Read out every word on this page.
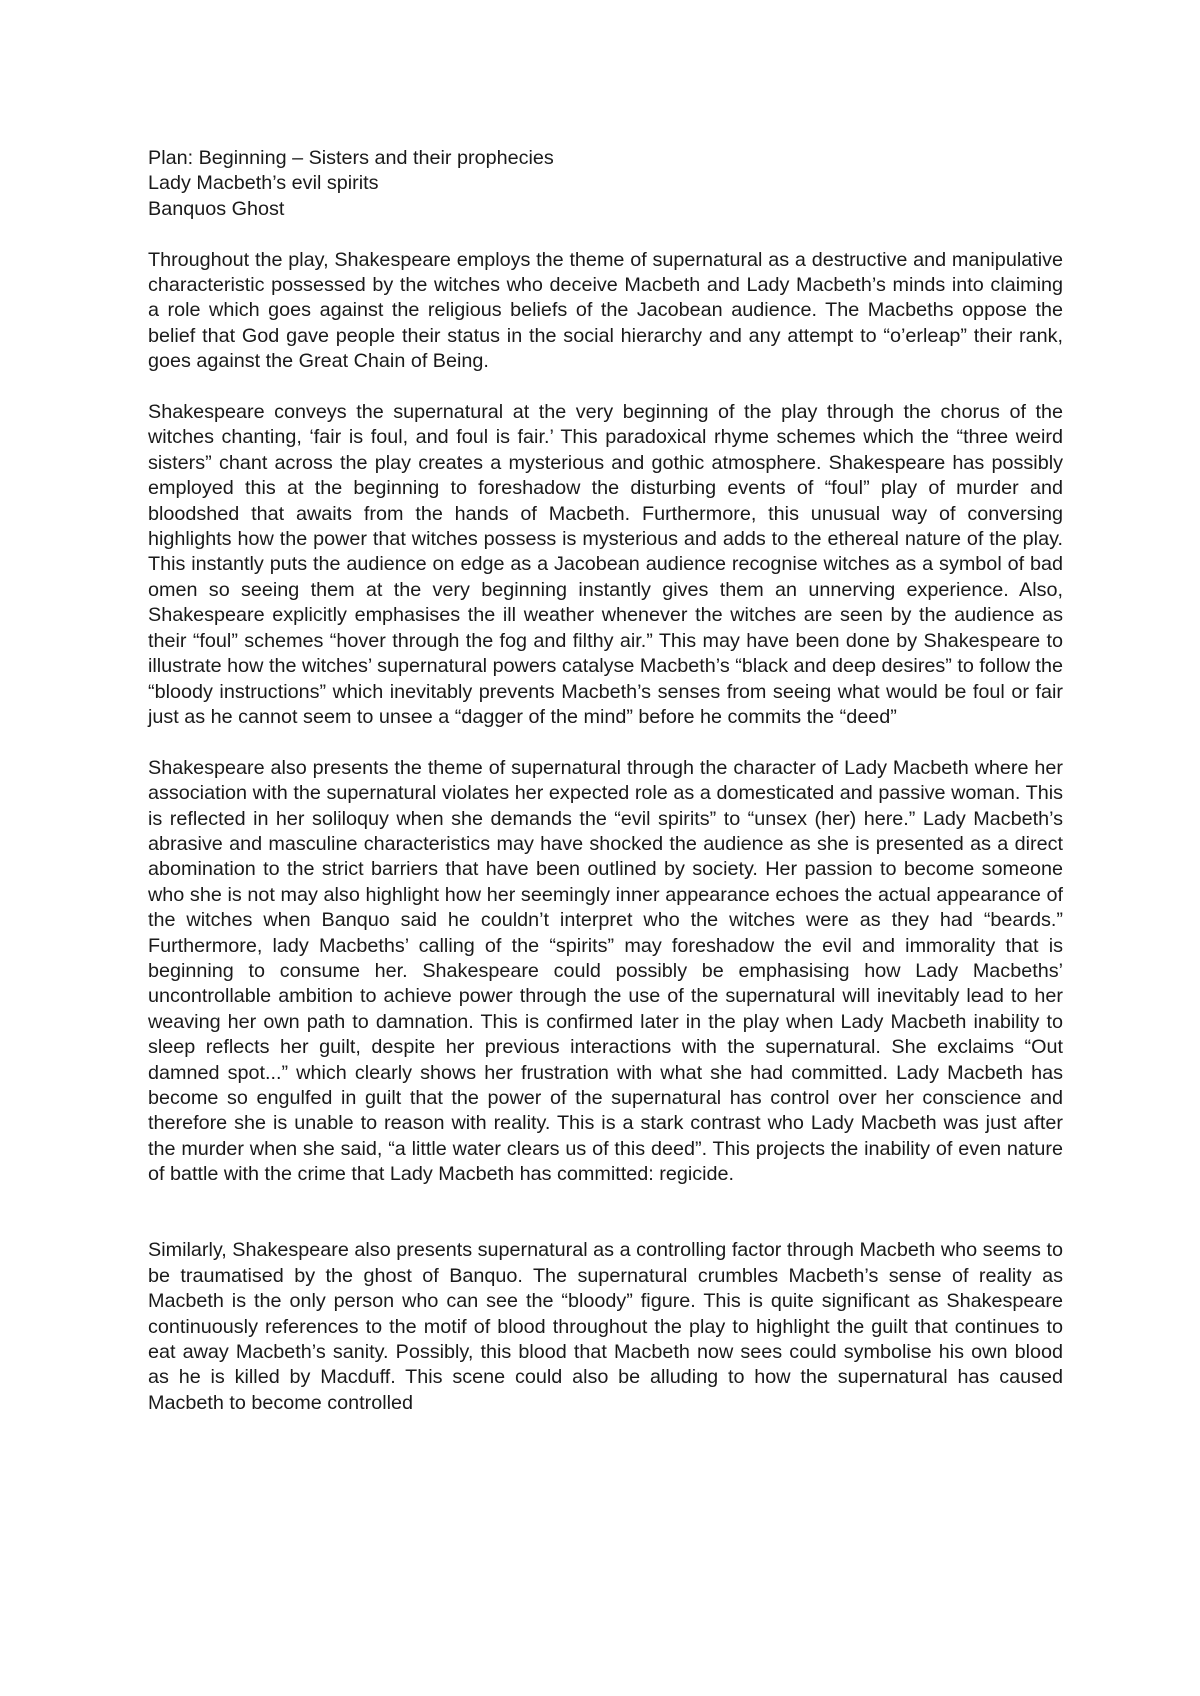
Plan: Beginning – Sisters and their prophecies

Lady Macbeth’s evil spirits

Banquos Ghost

Throughout the play, Shakespeare employs the theme of supernatural as a destructive and manipulative characteristic possessed by the witches who deceive Macbeth and Lady Macbeth’s minds into claiming a role which goes against the religious beliefs of the Jacobean audience. The Macbeths oppose the belief that God gave people their status in the social hierarchy and any attempt to “o’erleap” their rank, goes against the Great Chain of Being.

Shakespeare conveys the supernatural at the very beginning of the play through the chorus of the witches chanting, ‘fair is foul, and foul is fair.’ This paradoxical rhyme schemes which the “three weird sisters” chant across the play creates a mysterious and gothic atmosphere. Shakespeare has possibly employed this at the beginning to foreshadow the disturbing events of “foul” play of murder and bloodshed that awaits from the hands of Macbeth. Furthermore, this unusual way of conversing highlights how the power that witches possess is mysterious and adds to the ethereal nature of the play. This instantly puts the audience on edge as a Jacobean audience recognise witches as a symbol of bad omen so seeing them at the very beginning instantly gives them an unnerving experience. Also, Shakespeare explicitly emphasises the ill weather whenever the witches are seen by the audience as their “foul” schemes “hover through the fog and filthy air.” This may have been done by Shakespeare to illustrate how the witches’ supernatural powers catalyse Macbeth’s “black and deep desires” to follow the “bloody instructions” which inevitably prevents Macbeth’s senses from seeing what would be foul or fair just as he cannot seem to unsee a “dagger of the mind” before he commits the “deed”

Shakespeare also presents the theme of supernatural through the character of Lady Macbeth where her association with the supernatural violates her expected role as a domesticated and passive woman. This is reflected in her soliloquy when she demands the “evil spirits” to “unsex (her) here.” Lady Macbeth’s abrasive and masculine characteristics may have shocked the audience as she is presented as a direct abomination to the strict barriers that have been outlined by society. Her passion to become someone who she is not may also highlight how her seemingly inner appearance echoes the actual appearance of the witches when Banquo said he couldn’t interpret who the witches were as they had “beards.” Furthermore, lady Macbeths’ calling of the “spirits” may foreshadow the evil and immorality that is beginning to consume her. Shakespeare could possibly be emphasising how Lady Macbeths’ uncontrollable ambition to achieve power through the use of the supernatural will inevitably lead to her weaving her own path to damnation. This is confirmed later in the play when Lady Macbeth inability to sleep reflects her guilt, despite her previous interactions with the supernatural. She exclaims “Out damned spot...” which clearly shows her frustration with what she had committed. Lady Macbeth has become so engulfed in guilt that the power of the supernatural has control over her conscience and therefore she is unable to reason with reality. This is a stark contrast who Lady Macbeth was just after the murder when she said, “a little water clears us of this deed”. This projects the inability of even nature of battle with the crime that Lady Macbeth has committed: regicide.

Similarly, Shakespeare also presents supernatural as a controlling factor through Macbeth who seems to be traumatised by the ghost of Banquo. The supernatural crumbles Macbeth’s sense of reality as Macbeth is the only person who can see the “bloody” figure. This is quite significant as Shakespeare continuously references to the motif of blood throughout the play to highlight the guilt that continues to eat away Macbeth’s sanity. Possibly, this blood that Macbeth now sees could symbolise his own blood as he is killed by Macduff. This scene could also be alluding to how the supernatural has caused Macbeth to become controlled
